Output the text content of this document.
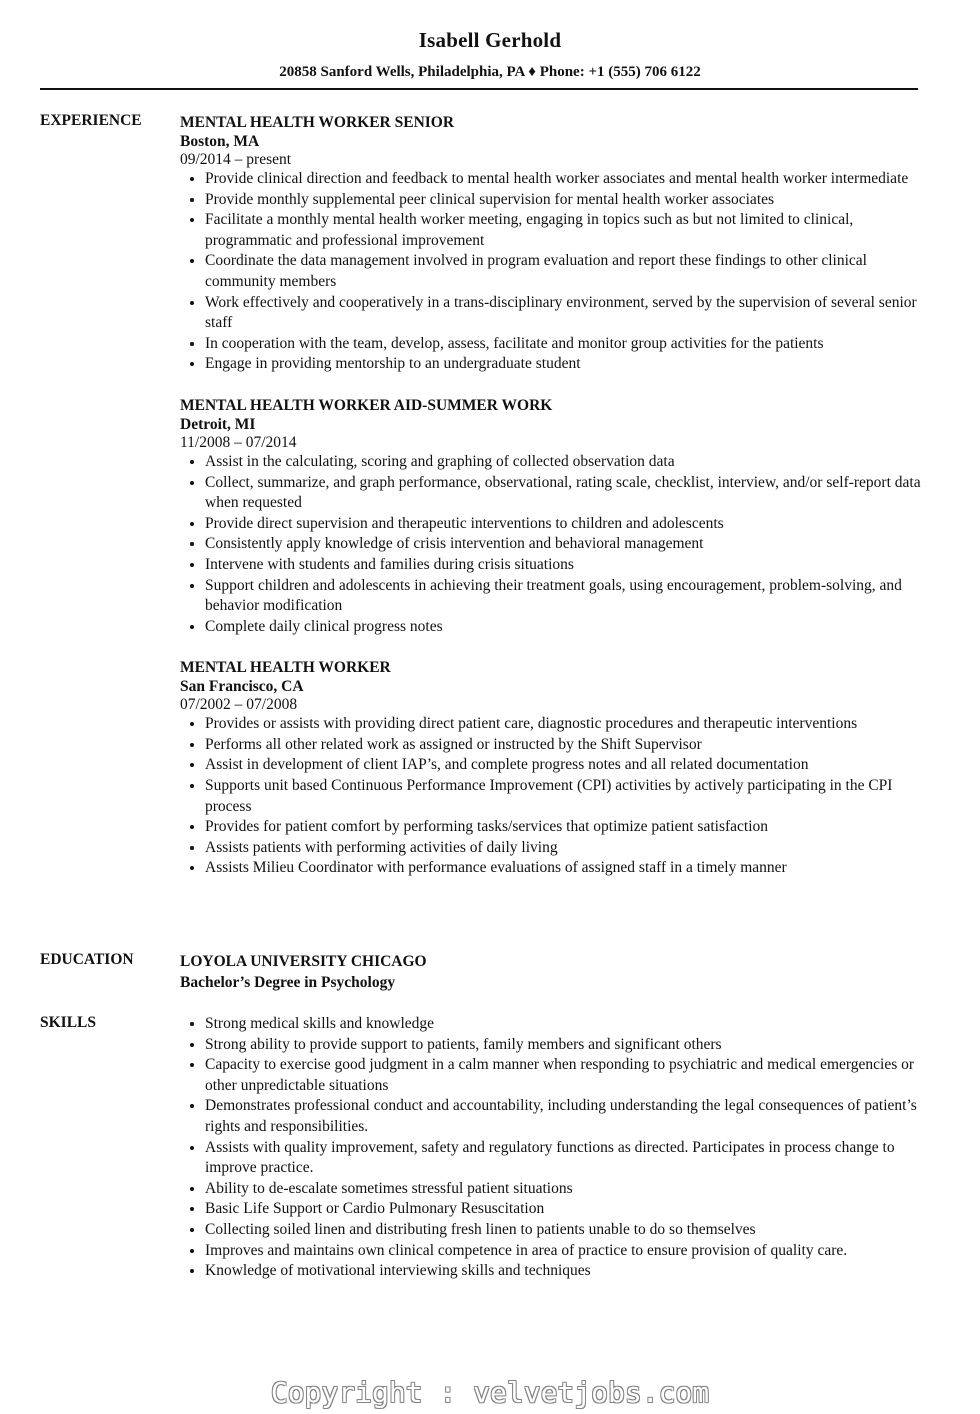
Isabell Gerhold
20858 Sanford Wells, Philadelphia, PA ♦ Phone: +1 (555) 706 6122
EXPERIENCE MENTAL HEALTH WORKER SENIOR
Boston, MA
09/2014 – present
• Provide clinical direction and feedback to mental health worker associates and mental health worker intermediate
• Provide monthly supplemental peer clinical supervision for mental health worker associates
• Facilitate a monthly mental health worker meeting, engaging in topics such as but not limited to clinical, programmatic and professional improvement
• Coordinate the data management involved in program evaluation and report these findings to other clinical community members
• Work effectively and cooperatively in a trans-disciplinary environment, served by the supervision of several senior staff
• In cooperation with the team, develop, assess, facilitate and monitor group activities for the patients
• Engage in providing mentorship to an undergraduate student
MENTAL HEALTH WORKER AID-SUMMER WORK
Detroit, MI
11/2008 – 07/2014
• Assist in the calculating, scoring and graphing of collected observation data
• Collect, summarize, and graph performance, observational, rating scale, checklist, interview, and/or self-report data when requested
• Provide direct supervision and therapeutic interventions to children and adolescents
• Consistently apply knowledge of crisis intervention and behavioral management
• Intervene with students and families during crisis situations
• Support children and adolescents in achieving their treatment goals, using encouragement, problem-solving, and behavior modification
• Complete daily clinical progress notes
MENTAL HEALTH WORKER
San Francisco, CA
07/2002 – 07/2008
• Provides or assists with providing direct patient care, diagnostic procedures and therapeutic interventions
• Performs all other related work as assigned or instructed by the Shift Supervisor
• Assist in development of client IAP’s, and complete progress notes and all related documentation
• Supports unit based Continuous Performance Improvement (CPI) activities by actively participating in the CPI process
• Provides for patient comfort by performing tasks/services that optimize patient satisfaction
• Assists patients with performing activities of daily living
• Assists Milieu Coordinator with performance evaluations of assigned staff in a timely manner
EDUCATION	LOYOLA UNIVERSITY CHICAGO
Bachelor’s Degree in Psychology
SKILLS
•	Strong medical skills and knowledge
• Strong ability to provide support to patients, family members and significant others
• Capacity to exercise good judgment in a calm manner when responding to psychiatric and medical emergencies or other unpredictable situations
• Demonstrates professional conduct and accountability, including understanding the legal consequences of patient’s rights and responsibilities.
• Assists with quality improvement, safety and regulatory functions as directed. Participates in process change to improve practice.
• Ability to de-escalate sometimes stressful patient situations
• Basic Life Support or Cardio Pulmonary Resuscitation
• Collecting soiled linen and distributing fresh linen to patients unable to do so themselves
• Improves and maintains own clinical competence in area of practice to ensure provision of quality care.
• Knowledge of motivational interviewing skills and techniques
Copyright : velvetjobs.com
